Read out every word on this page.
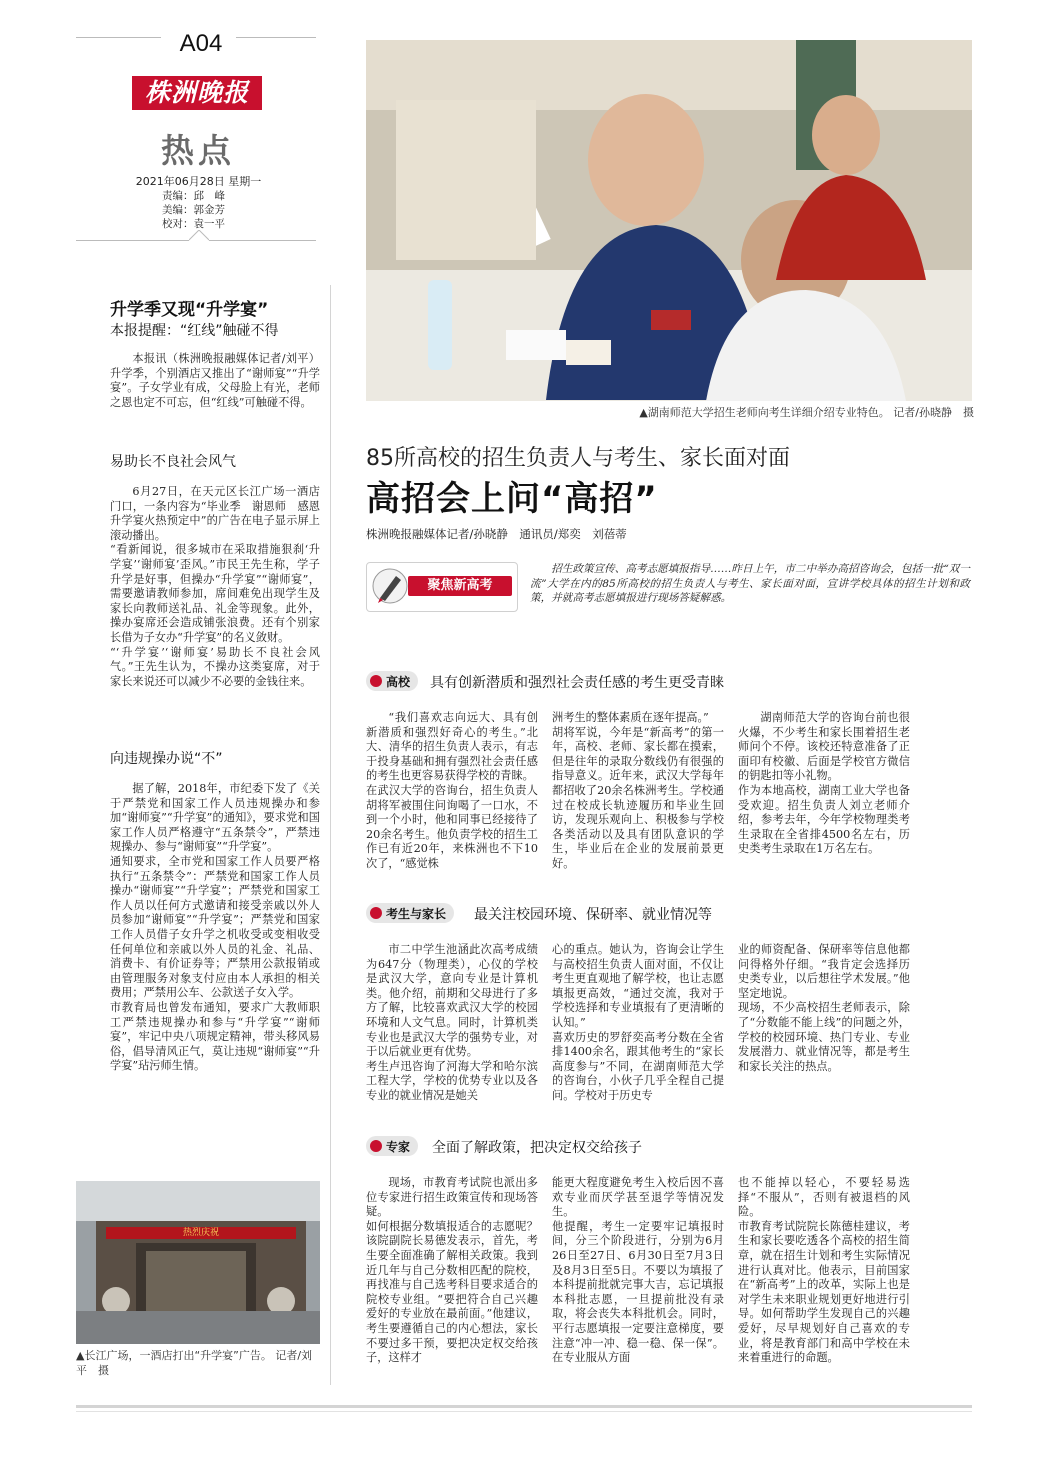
A04
株洲晚报
热点
2021年06月28日 星期一
责编：邱　峰
美编：郭金芳
校对：袁一平
升学季又现“升学宴”
本报提醒：“红线”触碰不得

本报讯（株洲晚报融媒体记者/刘平）升学季，个别酒店又推出了“谢师宴”“升学宴”。子女学业有成，父母脸上有光，老师之恩也定不可忘，但“红线”可触碰不得。

易助长不良社会风气

6月27日，在天元区长江广场一酒店门口，一条内容为“毕业季　谢恩师　感恩升学宴火热预定中”的广告在电子显示屏上滚动播出。
“看新闻说，很多城市在采取措施狠刹‘升学宴’‘谢师宴’歪风。”市民王先生称，学子升学是好事，但操办“升学宴”“谢师宴”，需要邀请教师参加，席间难免出现学生及家长向教师送礼品、礼金等现象。此外，操办宴席还会造成铺张浪费。还有个别家长借为子女办“升学宴”的名义敛财。
“‘升学宴’‘谢师宴’易助长不良社会风气。”王先生认为，不操办这类宴席，对于家长来说还可以减少不必要的金钱往来。

向违规操办说“不”

据了解，2018年，市纪委下发了《关于严禁党和国家工作人员违规操办和参加“谢师宴”“升学宴”的通知》，要求党和国家工作人员严格遵守“五条禁令”，严禁违规操办、参与“谢师宴”“升学宴”。
通知要求，全市党和国家工作人员要严格执行“五条禁令”：严禁党和国家工作人员操办“谢师宴”“升学宴”；严禁党和国家工作人员以任何方式邀请和接受亲戚以外人员参加“谢师宴”“升学宴”；严禁党和国家工作人员借子女升学之机收受或变相收受任何单位和亲戚以外人员的礼金、礼品、消费卡、有价证券等；严禁用公款报销或由管理服务对象支付应由本人承担的相关费用；严禁用公车、公款送子女入学。
市教育局也曾发布通知，要求广大教师职工严禁违规操办和参与“升学宴”“谢师宴”，牢记中央八项规定精神，带头移风易俗，倡导清风正气，莫让违规“谢师宴”“升学宴”玷污师生情。

热烈庆祝
▲长江广场，一酒店打出“升学宴”广告。 记者/刘平　摄
▲湖南师范大学招生老师向考生详细介绍专业特色。 记者/孙晓静　摄
85所高校的招生负责人与考生、家长面对面
高招会上问“高招”
株洲晚报融媒体记者/孙晓静　通讯员/郑奕　刘蓓蒂
聚焦新高考

招生政策宣传、高考志愿填报指导……昨日上午，市二中举办高招咨询会，包括一批“双一流”大学在内的85所高校的招生负责人与考生、家长面对面，宣讲学校具体的招生计划和政策，并就高考志愿填报进行现场答疑解惑。

高校 具有创新潜质和强烈社会责任感的考生更受青睐

“我们喜欢志向远大、具有创新潜质和强烈好奇心的考生。”北大、清华的招生负责人表示，有志于投身基础和拥有强烈社会责任感的考生也更容易获得学校的青睐。
在武汉大学的咨询台，招生负责人胡将军被围住问询喝了一口水，不到一个小时，他和同事已经接待了20余名考生。他负责学校的招生工作已有近20年，来株洲也不下10次了，“感觉株

洲考生的整体素质在逐年提高。”
胡将军说，今年是“新高考”的第一年，高校、老师、家长都在摸索，但是往年的录取分数线仍有很强的指导意义。近年来，武汉大学每年都招收了20余名株洲考生。学校通过在校成长轨迹履历和毕业生回访，发现乐观向上、积极参与学校各类活动以及具有团队意识的学生，毕业后在企业的发展前景更好。

湖南师范大学的咨询台前也很火爆，不少考生和家长围着招生老师问个不停。该校还特意准备了正面印有校徽、后面是学校官方微信的钥匙扣等小礼物。
作为本地高校，湖南工业大学也备受欢迎。招生负责人刘立老师介绍，参考去年，今年学校物理类考生录取在全省排4500名左右，历史类考生录取在1万名左右。

考生与家长 最关注校园环境、保研率、就业情况等

市二中学生池涵此次高考成绩为647分（物理类），心仪的学校是武汉大学，意向专业是计算机类。他介绍，前期和父母进行了多方了解，比较喜欢武汉大学的校园环境和人文气息。同时，计算机类专业也是武汉大学的强势专业，对于以后就业更有优势。
考生卢迅咨询了河海大学和哈尔滨工程大学，学校的优势专业以及各专业的就业情况是她关

心的重点。她认为，咨询会让学生与高校招生负责人面对面，不仅让考生更直观地了解学校，也让志愿填报更高效，“通过交流，我对于学校选择和专业填报有了更清晰的认知。”
喜欢历史的罗舒奕高考分数在全省排1400余名，跟其他考生的“家长高度参与”不同，在湖南师范大学的咨询台，小伙子几乎全程自己提问。学校对于历史专

业的师资配备、保研率等信息他都问得格外仔细。“我肯定会选择历史类专业，以后想往学术发展。”他坚定地说。
现场，不少高校招生老师表示，除了“分数能不能上线”的问题之外，学校的校园环境、热门专业、专业发展潜力、就业情况等，都是考生和家长关注的热点。

专家 全面了解政策，把决定权交给孩子

现场，市教育考试院也派出多位专家进行招生政策宣传和现场答疑。
如何根据分数填报适合的志愿呢？该院副院长易德发表示，首先，考生要全面准确了解相关政策。我到近几年与自己分数相匹配的院校，再找准与自己选考科目要求适合的院校专业组。“要把符合自己兴趣爱好的专业放在最前面。”他建议，考生要遵循自己的内心想法，家长不要过多干预，要把决定权交给孩子，这样才

能更大程度避免考生入校后因不喜欢专业而厌学甚至退学等情况发生。
他提醒，考生一定要牢记填报时间，分三个阶段进行，分别为6月26日至27日、6月30日至7月3日及8月3日至5日。不要以为填报了本科提前批就完事大吉，忘记填报本科批志愿，一旦提前批没有录取，将会丧失本科批机会。同时，平行志愿填报一定要注意梯度，要注意“冲一冲、稳一稳、保一保”。在专业服从方面

也不能掉以轻心，不要轻易选择“不服从”，否则有被退档的风险。
市教育考试院院长陈德桂建议，考生和家长要吃透各个高校的招生简章，就在招生计划和考生实际情况进行认真对比。他表示，目前国家在“新高考”上的改革，实际上也是对学生未来职业规划更好地进行引导。如何帮助学生发现自己的兴趣爱好，尽早规划好自己喜欢的专业，将是教育部门和高中学校在未来着重进行的命题。
